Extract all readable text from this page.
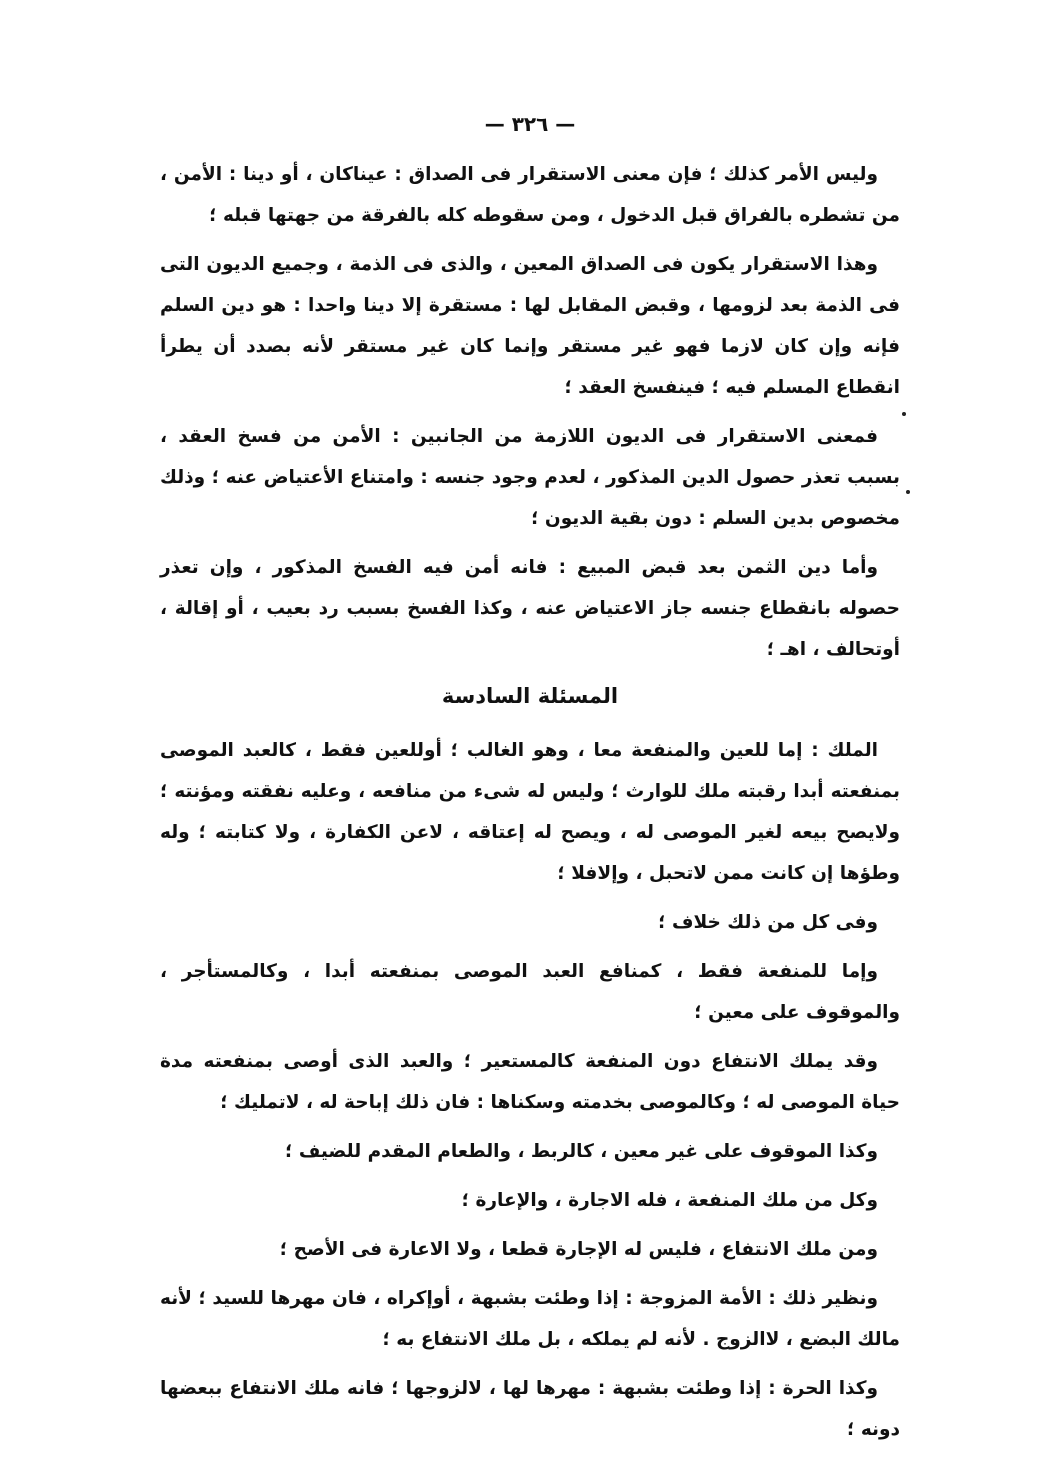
— ٣٢٦ —

وليس الأمر كذلك ؛ فإن معنى الاستقرار فى الصداق : عيناكان ، أو دينا : الأمن ، من تشطره بالفراق قبل الدخول ، ومن سقوطه كله بالفرقة من جهتها قبله ؛

وهذا الاستقرار يكون فى الصداق المعين ، والذى فى الذمة ، وجميع الديون التى فى الذمة بعد لزومها ، وقبض المقابل لها : مستقرة إلا دينا واحدا : هو دين السلم فإنه وإن كان لازما فهو غير مستقر وإنما كان غير مستقر لأنه بصدد أن يطرأ انقطاع المسلم فيه ؛ فينفسخ العقد ؛

فمعنى الاستقرار فى الديون اللازمة من الجانبين : الأمن من فسخ العقد ، بسبب تعذر حصول الدين المذكور ، لعدم وجود جنسه : وامتناع الأعتياض عنه ؛ وذلك مخصوص بدين السلم : دون بقية الديون ؛

وأما دين الثمن بعد قبض المبيع : فانه أمن فيه الفسخ المذكور ، وإن تعذر حصوله بانقطاع جنسه جاز الاعتياض عنه ، وكذا الفسخ بسبب رد بعيب ، أو إقالة ، أوتحالف ، اهـ ؛

المسئلة السادسة

الملك : إما للعين والمنفعة معا ، وهو الغالب ؛ أوللعين فقط ، كالعبد الموصى بمنفعته أبدا رقبته ملك للوارث ؛ وليس له شىء من منافعه ، وعليه نفقته ومؤنته ؛ ولايصح بيعه لغير الموصى له ، ويصح له إعتاقه ، لاعن الكفارة ، ولا كتابته ؛ وله وطؤها إن كانت ممن لاتحبل ، وإلافلا ؛

وفى كل من ذلك خلاف ؛

وإما للمنفعة فقط ، كمنافع العبد الموصى بمنفعته أبدا ، وكالمستأجر ، والموقوف على معين ؛

وقد يملك الانتفاع دون المنفعة كالمستعير ؛ والعبد الذى أوصى بمنفعته مدة حياة الموصى له ؛ وكالموصى بخدمته وسكناها : فان ذلك إباحة له ، لاتمليك ؛

وكذا الموقوف على غير معين ، كالربط ، والطعام المقدم للضيف ؛

وكل من ملك المنفعة ، فله الاجارة ، والإعارة ؛

ومن ملك الانتفاع ، فليس له الإجارة قطعا ، ولا الاعارة فى الأصح ؛

ونظير ذلك : الأمة المزوجة : إذا وطئت بشبهة ، أوإكراه ، فان مهرها للسيد ؛ لأنه مالك البضع ، لاالزوج . لأنه لم يملكه ، بل ملك الانتفاع به ؛

وكذا الحرة : إذا وطئت بشبهة : مهرها لها ، لالزوجها ؛ فانه ملك الانتفاع ببعضها دونه ؛
